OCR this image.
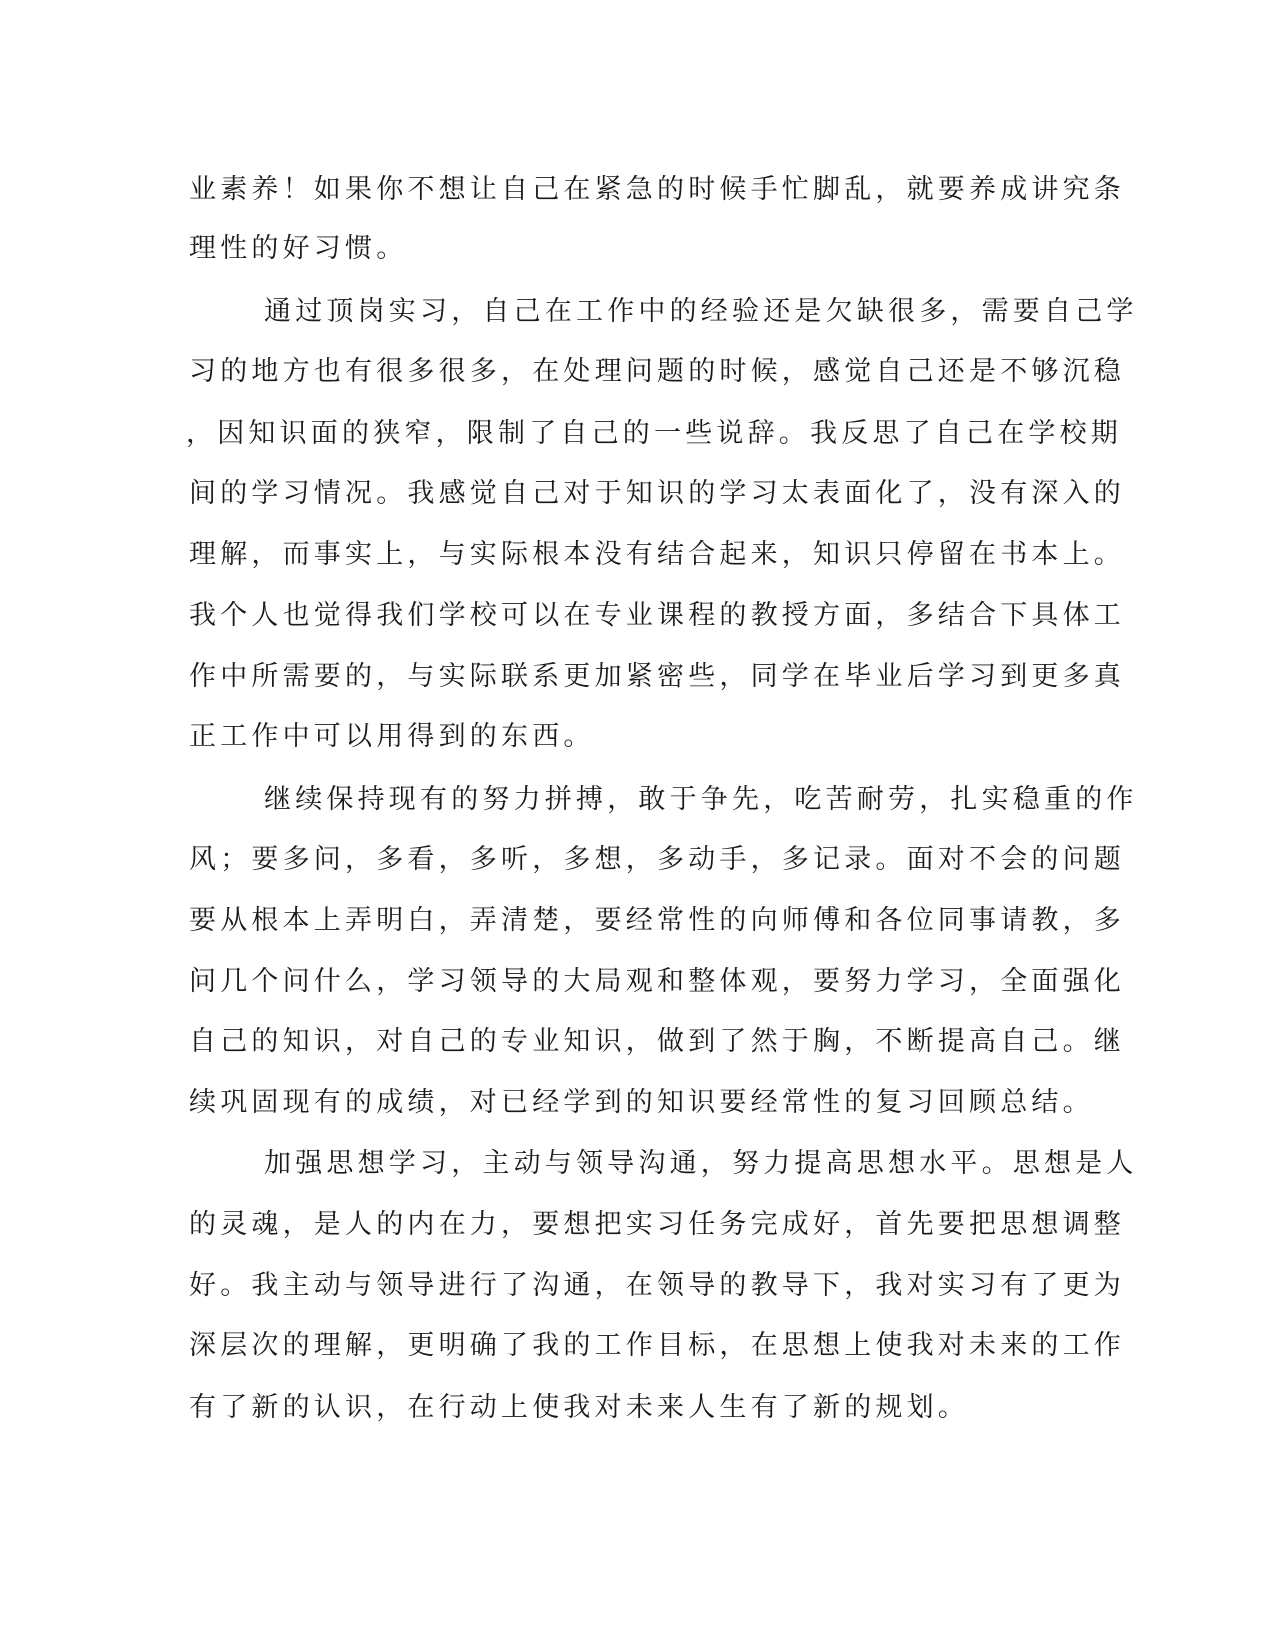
业素养！如果你不想让自己在紧急的时候手忙脚乱，就要养成讲究条
理性的好习惯。
通过顶岗实习，自己在工作中的经验还是欠缺很多，需要自己学
习的地方也有很多很多，在处理问题的时候，感觉自己还是不够沉稳
，因知识面的狭窄，限制了自己的一些说辞。我反思了自己在学校期
间的学习情况。我感觉自己对于知识的学习太表面化了，没有深入的
理解，而事实上，与实际根本没有结合起来，知识只停留在书本上。
我个人也觉得我们学校可以在专业课程的教授方面，多结合下具体工
作中所需要的，与实际联系更加紧密些，同学在毕业后学习到更多真
正工作中可以用得到的东西。
继续保持现有的努力拼搏，敢于争先，吃苦耐劳，扎实稳重的作
风；要多问，多看，多听，多想，多动手，多记录。面对不会的问题
要从根本上弄明白，弄清楚，要经常性的向师傅和各位同事请教，多
问几个问什么，学习领导的大局观和整体观，要努力学习，全面强化
自己的知识，对自己的专业知识，做到了然于胸，不断提高自己。继
续巩固现有的成绩，对已经学到的知识要经常性的复习回顾总结。
加强思想学习，主动与领导沟通，努力提高思想水平。思想是人
的灵魂，是人的内在力，要想把实习任务完成好，首先要把思想调整
好。我主动与领导进行了沟通，在领导的教导下，我对实习有了更为
深层次的理解，更明确了我的工作目标，在思想上使我对未来的工作
有了新的认识，在行动上使我对未来人生有了新的规划。
